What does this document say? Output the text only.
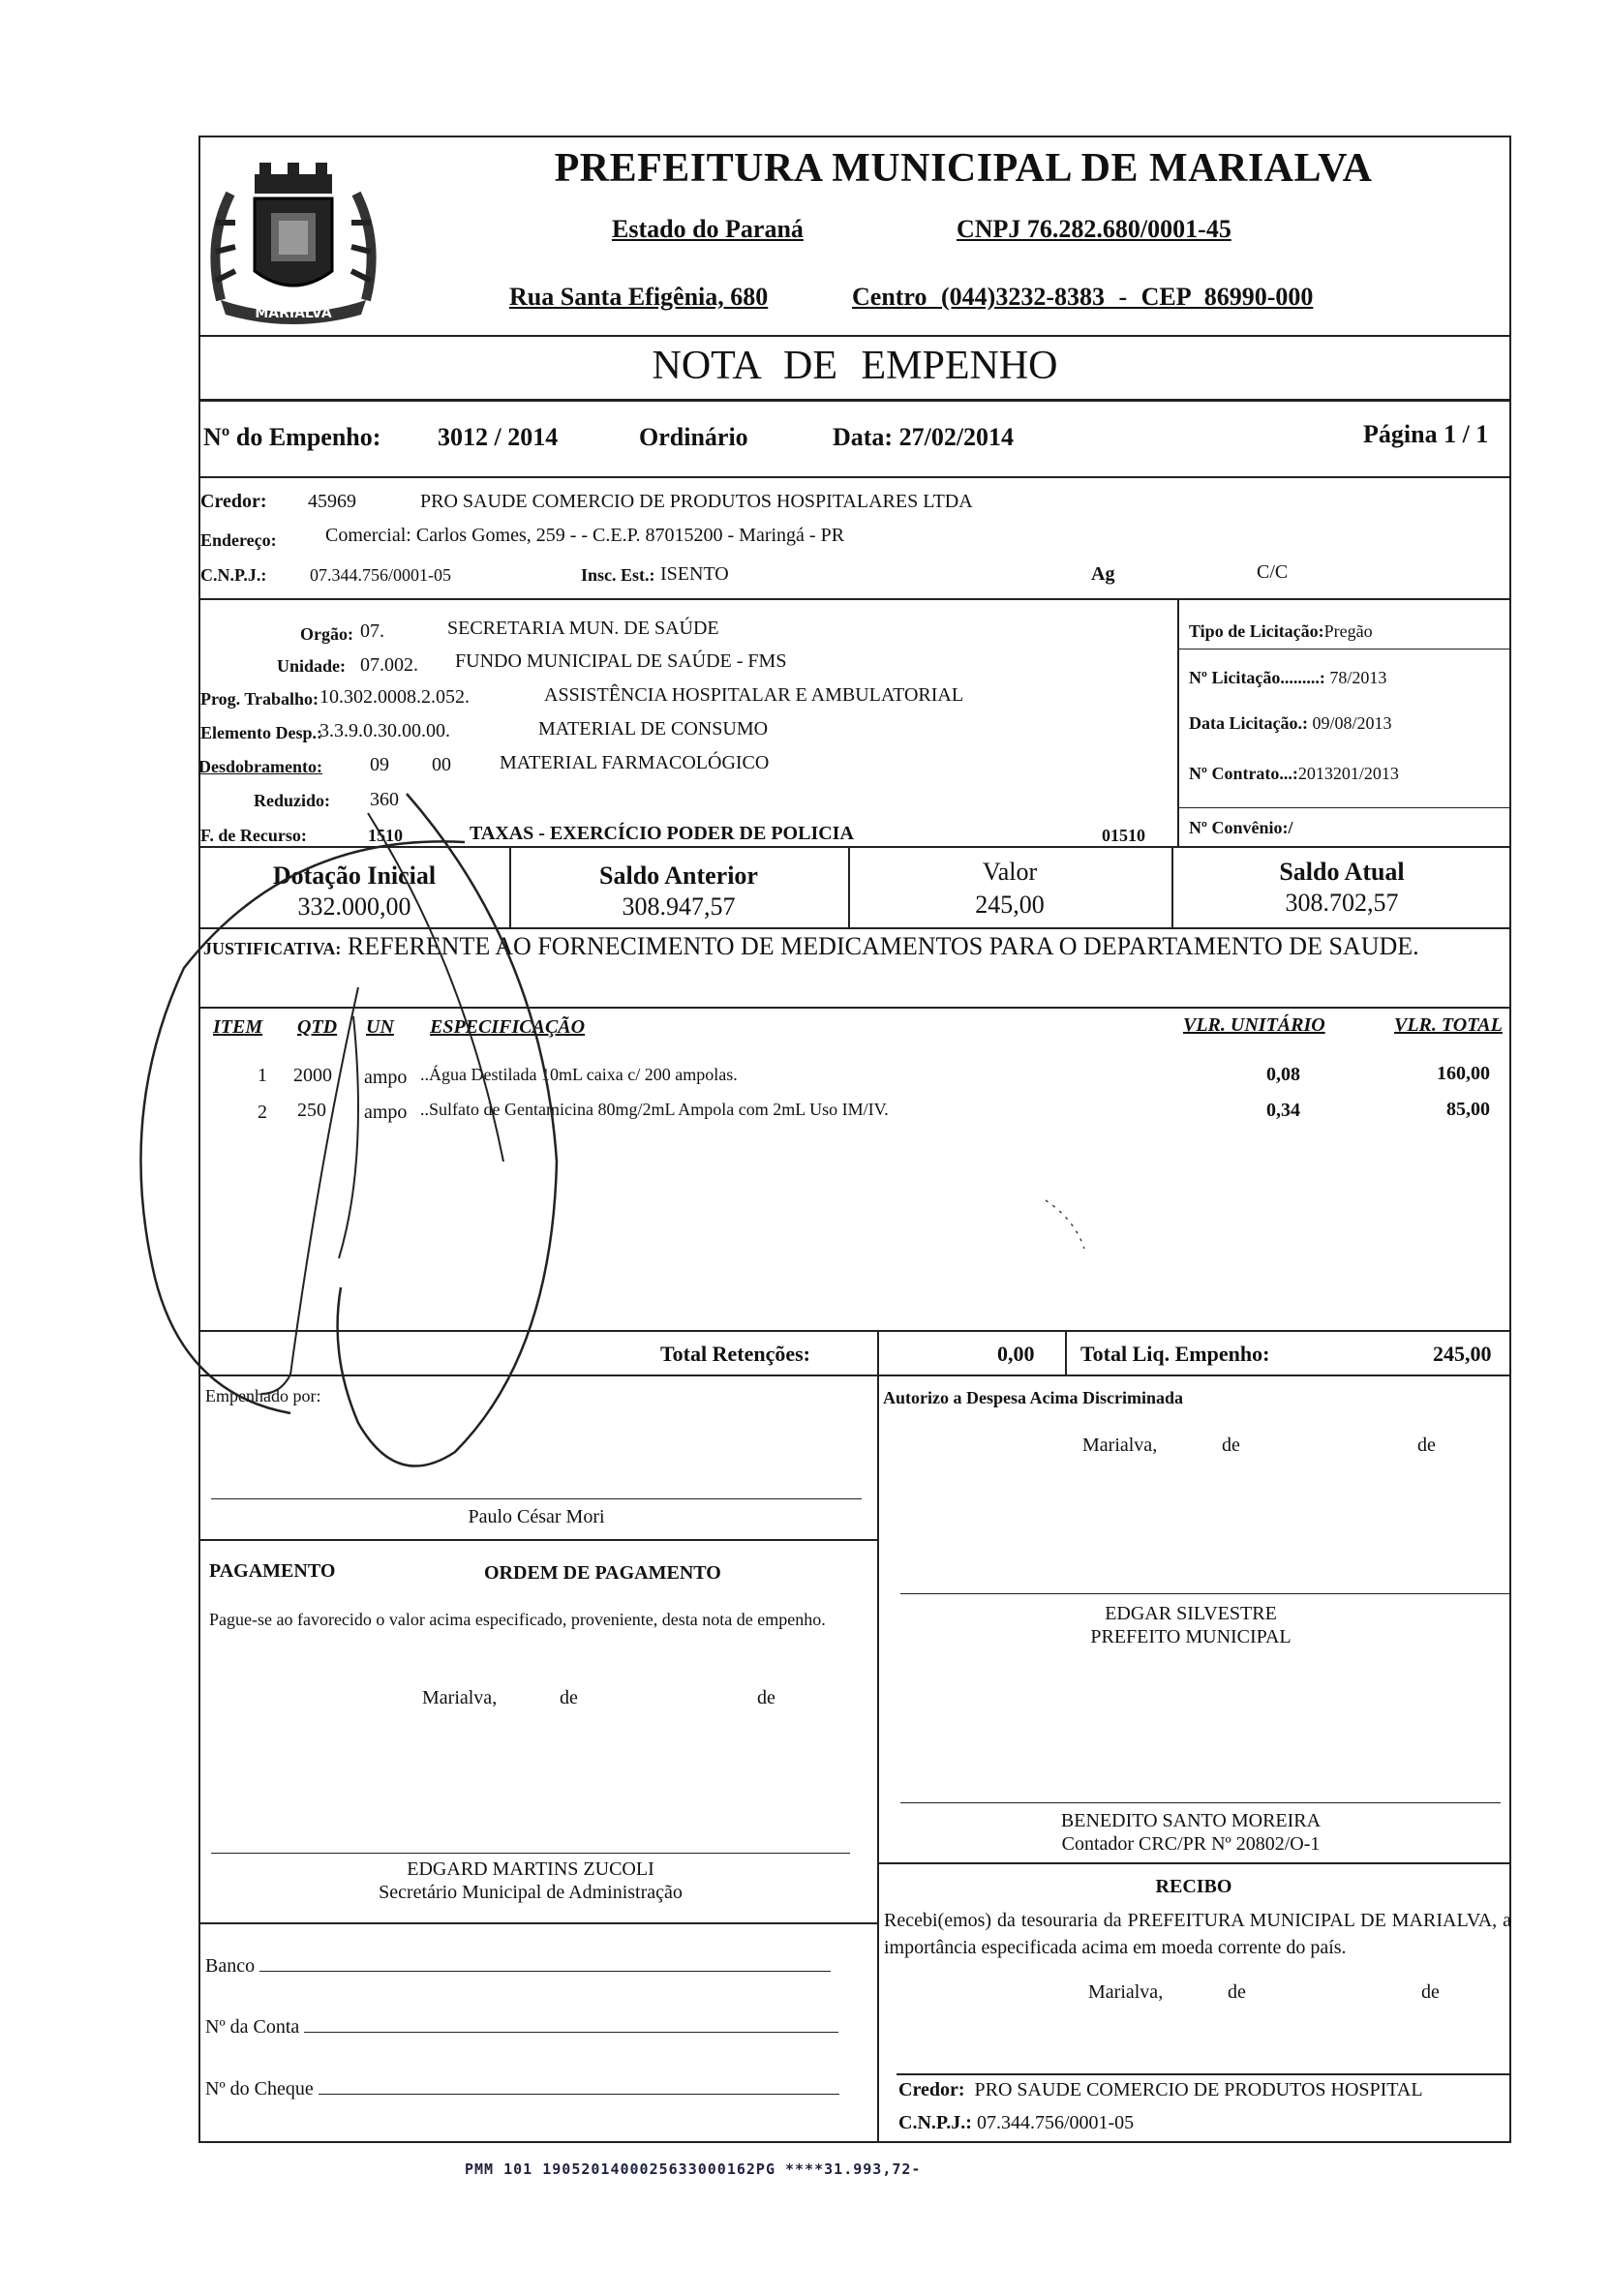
MARIALVA
PREFEITURA MUNICIPAL DE MARIALVA
Estado do Paraná	CNPJ 76.282.680/0001-45
Rua Santa Efigênia, 680	Centro (044)3232-8383 - CEP 86990-000
NOTA DE EMPENHO
Nº do Empenho: 3012 / 2014	Ordinário	Data: 27/02/2014	Página 1 / 1
Credor: 45969	PRO SAUDE COMERCIO DE PRODUTOS HOSPITALARES LTDA
Endereço:	Comercial: Carlos Gomes, 259 - - C.E.P. 87015200 - Maringá - PR
C.N.P.J.: 07.344.756/0001-05	Insc. Est.: ISENTO	Ag	C/C
Orgão: 07.	SECRETARIA MUN. DE SAÚDE
Unidade: 07.002. FUNDO MUNICIPAL DE SAÚDE - FMS
Prog. Trabalho: 10.302.0008.2.052.	ASSISTÊNCIA HOSPITALAR E AMBULATORIAL
Elemento Desp.:
3.3.9.0.30.00.00.	MATERIAL DE CONSUMO
Desdobramento: 09 00	MATERIAL FARMACOLÓGICO
Reduzido: 360
F. de Recurso:	1510	TAXAS - EXERCÍCIO PODER DE POLICIA	01510
Tipo de Licitação:Pregão
Nº Licitação.........: 78/2013
Data Licitação.: 09/08/2013
Nº Contrato...:2013201/2013
Nº Convênio:/
Dotação Inicial
332.000,00
Saldo Anterior
308.947,57
Valor
245,00
Saldo Atual
308.702,57
JUSTIFICATIVA: REFERENTE AO FORNECIMENTO DE MEDICAMENTOS PARA O DEPARTAMENTO DE SAUDE.
ITEM QTD UN ESPECIFICAÇÃO	VLR. UNITÁRIO	VLR. TOTAL
1 2000 ampo ..Água Destilada 10mL caixa c/ 200 ampolas.	0,08	160,00
2 250 ampo ..Sulfato de Gentamicina 80mg/2mL Ampola com 2mL Uso IM/IV.	0,34	85,00
Total Retenções:	0,00 Total Liq. Empenho:	245,00
Empenhado por:
Paulo César Mori
Autorizo a Despesa Acima Discriminada
Marialva,	de	de
PAGAMENTO	ORDEM DE PAGAMENTO
Pague-se ao favorecido o valor acima especificado, proveniente, desta nota de empenho.
Marialva,	de	de
EDGARD MARTINS ZUCOLI
Secretário Municipal de Administração
EDGAR SILVESTRE
PREFEITO MUNICIPAL
BENEDITO SANTO MOREIRA
Contador CRC/PR Nº 20802/O-1
RECIBO
Recebi(emos) da tesouraria da PREFEITURA MUNICIPAL DE MARIALVA, a importância especificada acima em moeda corrente do país.
Marialva,	de	de
Credor: PRO SAUDE COMERCIO DE PRODUTOS HOSPITAL
C.N.P.J.: 07.344.756/0001-05
Banco
Nº da Conta
Nº do Cheque
PMM 101 1905201400025633000162PG ****31.993,72-
